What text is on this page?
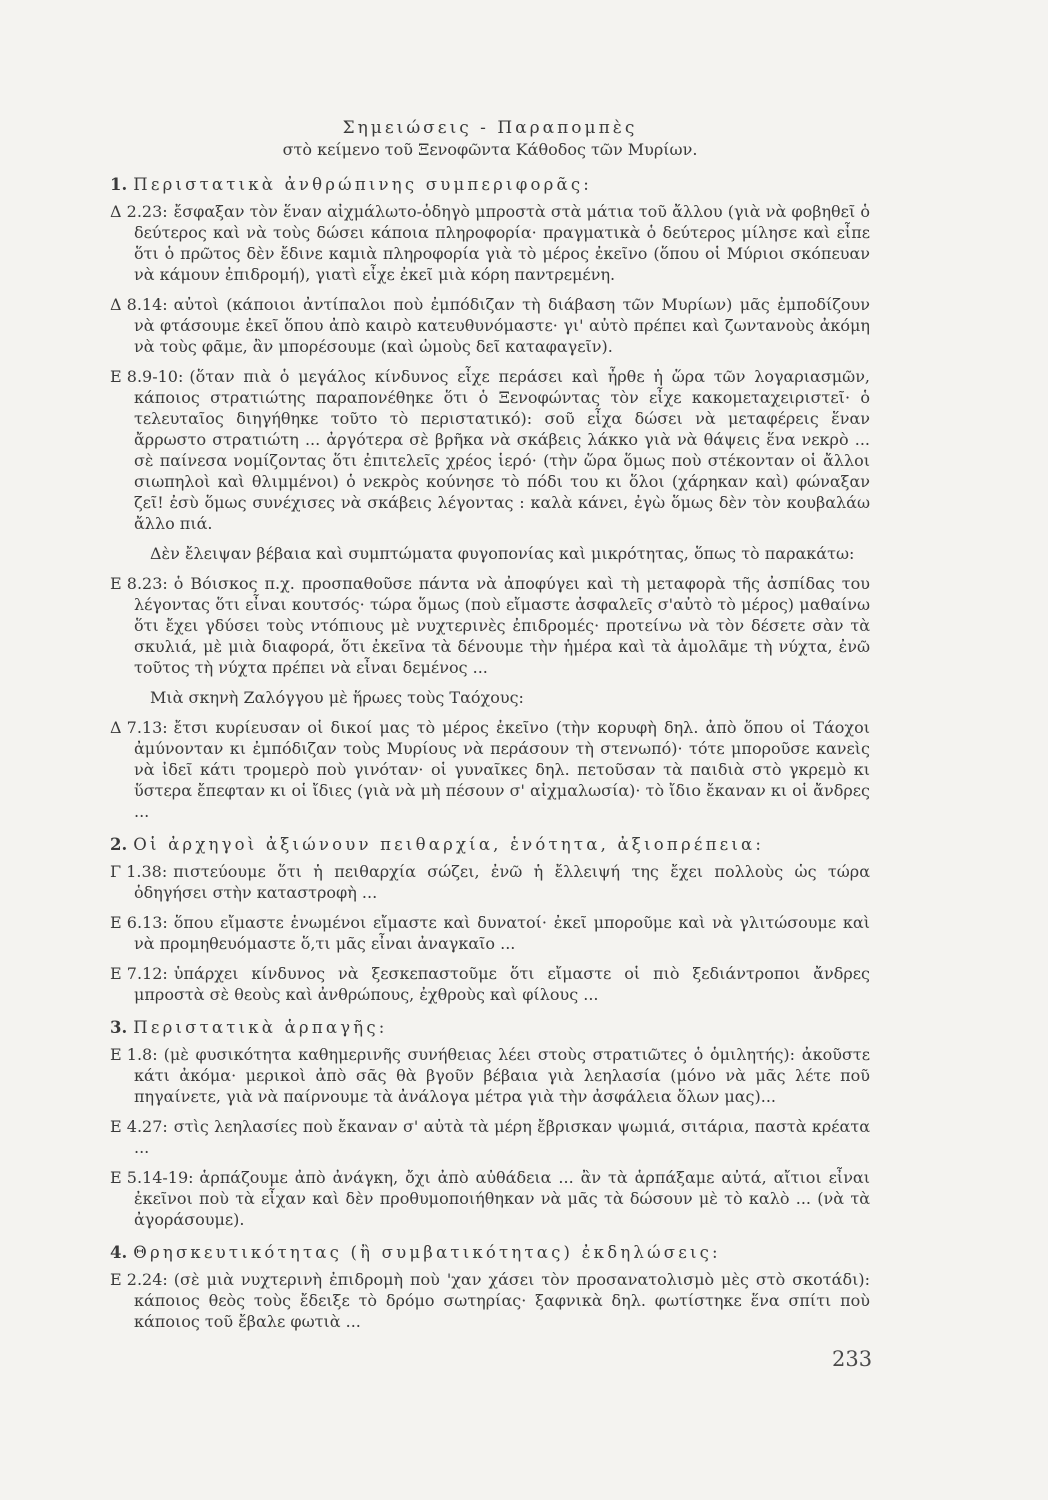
Σημειώσεις - Παραπομπὲς
στὸ κείμενο τοῦ Ξενοφῶντα Κάθοδος τῶν Μυρίων.
1. Περιστατικὰ ἀνθρώπινης συμπεριφορᾶς:
Δ 2.23: ἔσφαξαν τὸν ἕναν αἰχμάλωτο-ὁδηγὸ μπροστὰ στὰ μάτια τοῦ ἄλλου (γιὰ νὰ φοβηθεῖ ὁ δεύτερος καὶ νὰ τοὺς δώσει κάποια πληροφορία· πραγματικὰ ὁ δεύτερος μίλησε καὶ εἶπε ὅτι ὁ πρῶτος δὲν ἔδινε καμιὰ πληροφορία γιὰ τὸ μέρος ἐκεῖνο (ὅπου οἱ Μύριοι σκόπευαν νὰ κάμουν ἐπιδρομή), γιατὶ εἶχε ἐκεῖ μιὰ κόρη παντρεμένη.
Δ 8.14: αὐτοὶ (κάποιοι ἀντίπαλοι ποὺ ἐμπόδιζαν τὴ διάβαση τῶν Μυρίων) μᾶς ἐμποδίζουν νὰ φτάσουμε ἐκεῖ ὅπου ἀπὸ καιρὸ κατευθυνόμαστε· γι' αὐτὸ πρέπει καὶ ζωντανοὺς ἀκόμη νὰ τοὺς φᾶμε, ἂν μπορέσουμε (καὶ ὠμοὺς δεῖ καταφαγεῖν).
Ε 8.9-10: (ὅταν πιὰ ὁ μεγάλος κίνδυνος εἶχε περάσει καὶ ἦρθε ἡ ὥρα τῶν λογαριασμῶν, κάποιος στρατιώτης παραπονέθηκε ὅτι ὁ Ξενοφώντας τὸν εἶχε κακομεταχειριστεῖ· ὁ τελευταῖος διηγήθηκε τοῦτο τὸ περιστατικό): σοῦ εἶχα δώσει νὰ μεταφέρεις ἕναν ἄρρωστο στρατιώτη ... ἀργότερα σὲ βρῆκα νὰ σκάβεις λάκκο γιὰ νὰ θάψεις ἕνα νεκρὸ ... σὲ παίνεσα νομίζοντας ὅτι ἐπιτελεῖς χρέος ἱερό· (τὴν ὥρα ὅμως ποὺ στέκονταν οἱ ἄλλοι σιωπηλοὶ καὶ θλιμμένοι) ὁ νεκρὸς κούνησε τὸ πόδι του κι ὅλοι (χάρηκαν καὶ) φώναξαν ζεῖ! ἐσὺ ὅμως συνέχισες νὰ σκάβεις λέγοντας : καλὰ κάνει, ἐγὼ ὅμως δὲν τὸν κουβαλάω ἄλλο πιά.
Δὲν ἔλειψαν βέβαια καὶ συμπτώματα φυγοπονίας καὶ μικρότητας, ὅπως τὸ παρακάτω:
Ε 8.23: ὁ Βόισκος π.χ. προσπαθοῦσε πάντα νὰ ἀποφύγει καὶ τὴ μεταφορὰ τῆς ἀσπίδας του λέγοντας ὅτι εἶναι κουτσός· τώρα ὅμως (ποὺ εἴμαστε ἀσφαλεῖς σ'αὐτὸ τὸ μέρος) μαθαίνω ὅτι ἔχει γδύσει τοὺς ντόπιους μὲ νυχτερινὲς ἐπιδρομές· προτείνω νὰ τὸν δέσετε σὰν τὰ σκυλιά, μὲ μιὰ διαφορά, ὅτι ἐκεῖνα τὰ δένουμε τὴν ἡμέρα καὶ τὰ ἀμολᾶμε τὴ νύχτα, ἐνῶ τοῦτος τὴ νύχτα πρέπει νὰ εἶναι δεμένος ...
Μιὰ σκηνὴ Ζαλόγγου μὲ ἥρωες τοὺς Ταόχους:
Δ 7.13: ἔτσι κυρίευσαν οἱ δικοί μας τὸ μέρος ἐκεῖνο (τὴν κορυφὴ δηλ. ἀπὸ ὅπου οἱ Τάοχοι ἀμύνονταν κι ἐμπόδιζαν τοὺς Μυρίους νὰ περάσουν τὴ στενωπό)· τότε μποροῦσε κανεὶς νὰ ἰδεῖ κάτι τρομερὸ ποὺ γινόταν· οἱ γυναῖκες δηλ. πετοῦσαν τὰ παιδιὰ στὸ γκρεμὸ κι ὕστερα ἔπεφταν κι οἱ ἴδιες (γιὰ νὰ μὴ πέσουν σ' αἰχμαλωσία)· τὸ ἴδιο ἔκαναν κι οἱ ἄνδρες ...
2. Οἱ ἀρχηγοὶ ἀξιώνουν πειθαρχία, ἑνότητα, ἀξιοπρέπεια:
Γ 1.38: πιστεύουμε ὅτι ἡ πειθαρχία σώζει, ἐνῶ ἡ ἔλλειψή της ἔχει πολλοὺς ὡς τώρα ὁδηγήσει στὴν καταστροφὴ ...
Ε 6.13: ὅπου εἴμαστε ἑνωμένοι εἴμαστε καὶ δυνατοί· ἐκεῖ μποροῦμε καὶ νὰ γλιτώσουμε καὶ νὰ προμηθευόμαστε ὅ,τι μᾶς εἶναι ἀναγκαῖο ...
Ε 7.12: ὑπάρχει κίνδυνος νὰ ξεσκεπαστοῦμε ὅτι εἴμαστε οἱ πιὸ ξεδιάντροποι ἄνδρες μπροστὰ σὲ θεοὺς καὶ ἀνθρώπους, ἐχθροὺς καὶ φίλους ...
3. Περιστατικὰ ἁρπαγῆς:
Ε 1.8: (μὲ φυσικότητα καθημερινῆς συνήθειας λέει στοὺς στρατιῶτες ὁ ὁμιλητής): ἀκοῦστε κάτι ἀκόμα· μερικοὶ ἀπὸ σᾶς θὰ βγοῦν βέβαια γιὰ λεηλασία (μόνο νὰ μᾶς λέτε ποῦ πηγαίνετε, γιὰ νὰ παίρνουμε τὰ ἀνάλογα μέτρα γιὰ τὴν ἀσφάλεια ὅλων μας)...
Ε 4.27: στὶς λεηλασίες ποὺ ἔκαναν σ' αὐτὰ τὰ μέρη ἔβρισκαν ψωμιά, σιτάρια, παστὰ κρέατα ...
Ε 5.14-19: ἁρπάζουμε ἀπὸ ἀνάγκη, ὄχι ἀπὸ αὐθάδεια ... ἂν τὰ ἁρπάξαμε αὐτά, αἴτιοι εἶναι ἐκεῖνοι ποὺ τὰ εἶχαν καὶ δὲν προθυμοποιήθηκαν νὰ μᾶς τὰ δώσουν μὲ τὸ καλὸ ... (νὰ τὰ ἀγοράσουμε).
4. Θρησκευτικότητας (ἢ συμβατικότητας) ἐκδηλώσεις:
Ε 2.24: (σὲ μιὰ νυχτερινὴ ἐπιδρομὴ ποὺ 'χαν χάσει τὸν προσανατολισμὸ μὲς στὸ σκοτάδι): κάποιος θεὸς τοὺς ἔδειξε τὸ δρόμο σωτηρίας· ξαφνικὰ δηλ. φωτίστηκε ἕνα σπίτι ποὺ κάποιος τοῦ ἔβαλε φωτιὰ ...
233
